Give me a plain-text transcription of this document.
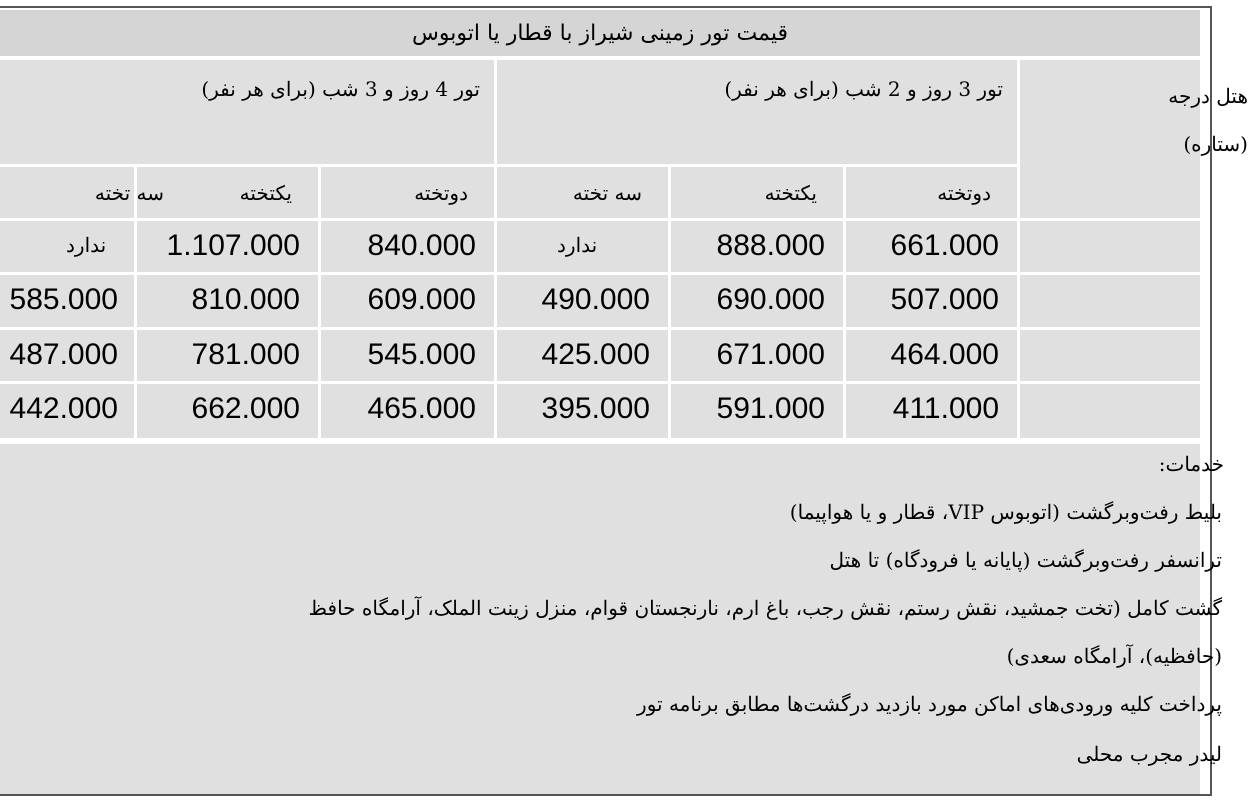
قیمت تور زمینی شیراز با قطار یا اتوبوس
هتل درجه (ستاره)
تور 3 روز و 2 شب (برای هر نفر)
تور 4 روز و 3 شب (برای هر نفر)
دوتخته
یکتخته
سه تخته
دوتخته
یکتخته
سه تخته
661.000
888.000
ندارد
840.000
1.107.000
ندارد
507.000
690.000
490.000
609.000
810.000
585.000
464.000
671.000
425.000
545.000
781.000
487.000
411.000
591.000
395.000
465.000
662.000
442.000
خدمات:
بلیط رفت‌وبرگشت (اتوبوس VIP، قطار و یا هواپیما)
ترانسفر رفت‌وبرگشت (پایانه یا فرودگاه) تا هتل
گشت کامل (تخت جمشید، نقش رستم، نقش رجب، باغ ارم، نارنجستان قوام، منزل زینت الملک، آرامگاه حافظ
(حافظیه)، آرامگاه سعدی)
پرداخت کلیه ورودی‌های اماکن مورد بازدید درگشت‌ها مطابق برنامه تور
لیدر مجرب محلی
